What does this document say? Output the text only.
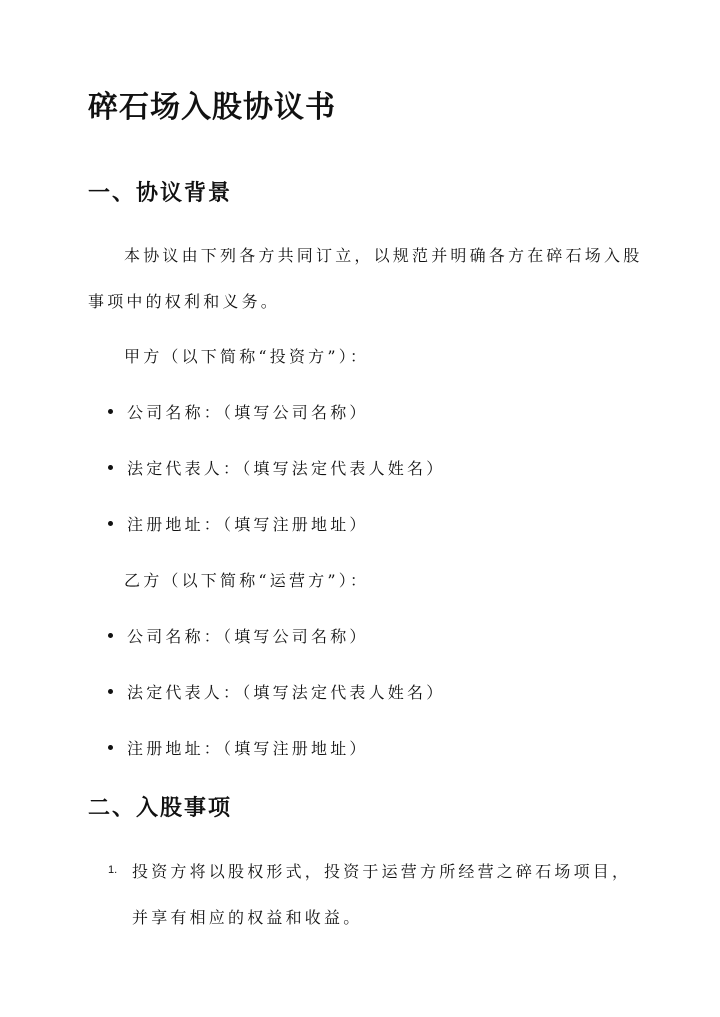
碎石场入股协议书
一、协议背景
本协议由下列各方共同订立，以规范并明确各方在碎石场入股
事项中的权利和义务。
甲方（以下简称“投资方”）：
公司名称：（填写公司名称）
法定代表人：（填写法定代表人姓名）
注册地址：（填写注册地址）
乙方（以下简称“运营方”）：
公司名称：（填写公司名称）
法定代表人：（填写法定代表人姓名）
注册地址：（填写注册地址）
二、入股事项
1. 投资方将以股权形式，投资于运营方所经营之碎石场项目，
并享有相应的权益和收益。
